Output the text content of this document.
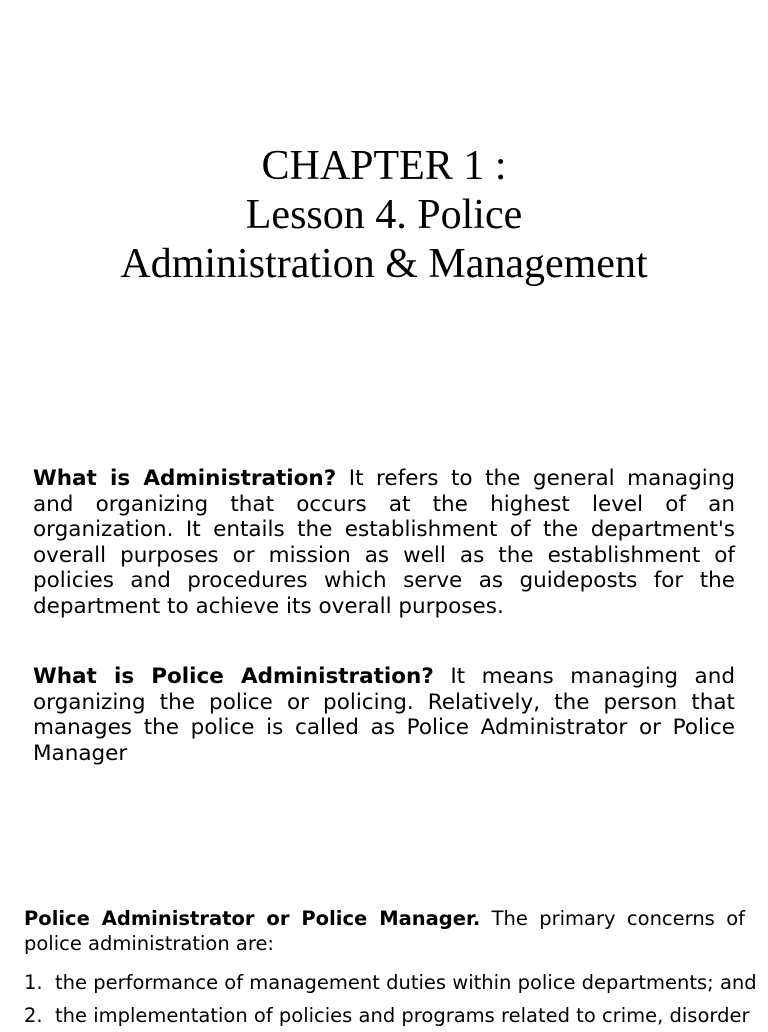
CHAPTER 1 :
Lesson 4. Police
Administration & Management

What is Administration? It refers to the general managing and organizing that occurs at the highest level of an organization. It entails the establishment of the department's overall purposes or mission as well as the establishment of policies and procedures which serve as guideposts for the department to achieve its overall purposes.

What is Police Administration? It means managing and organizing the police or policing. Relatively, the person that manages the police is called as Police Administrator or Police Manager

Police Administrator or Police Manager. The primary concerns of police administration are:

1. the performance of management duties within police departments; and
2. the implementation of policies and programs related to crime, disorder
